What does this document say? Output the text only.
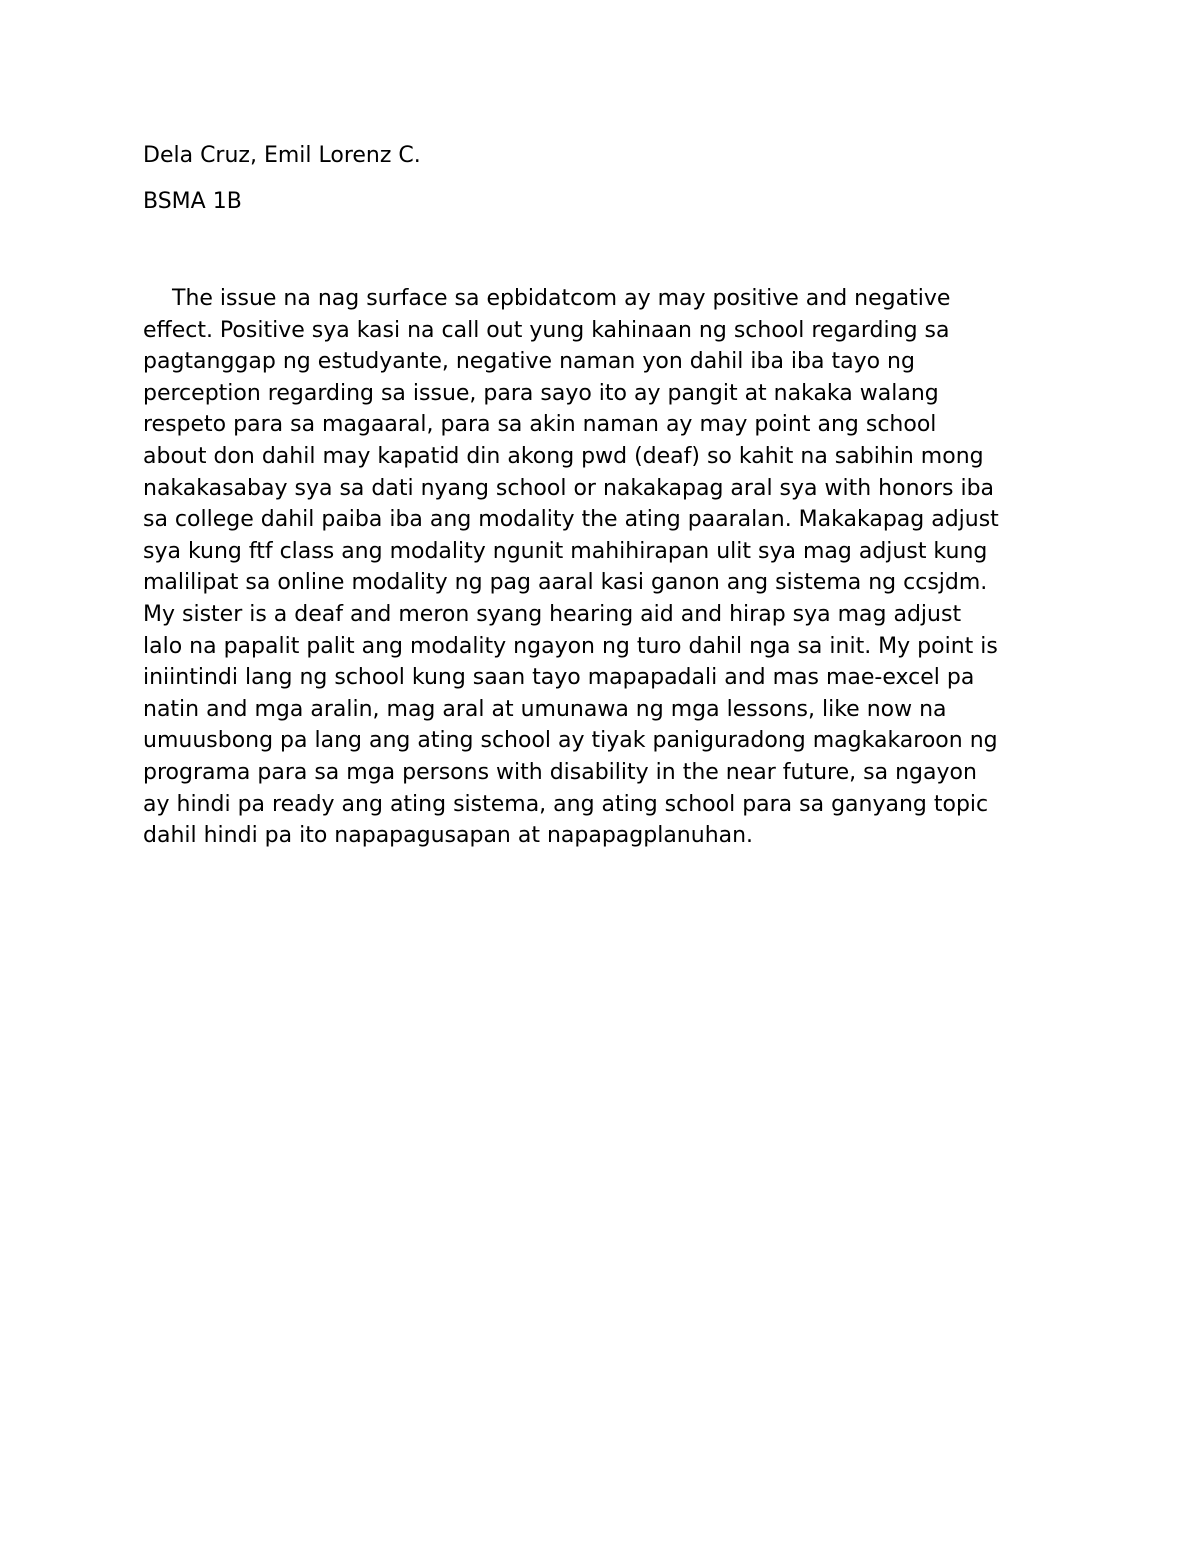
Dela Cruz, Emil Lorenz C.

BSMA 1B

The issue na nag surface sa epbidatcom ay may positive and negative
effect. Positive sya kasi na call out yung kahinaan ng school regarding sa
pagtanggap ng estudyante, negative naman yon dahil iba iba tayo ng
perception regarding sa issue, para sayo ito ay pangit at nakaka walang
respeto para sa magaaral, para sa akin naman ay may point ang school
about don dahil may kapatid din akong pwd (deaf) so kahit na sabihin mong
nakakasabay sya sa dati nyang school or nakakapag aral sya with honors iba
sa college dahil paiba iba ang modality the ating paaralan. Makakapag adjust
sya kung ftf class ang modality ngunit mahihirapan ulit sya mag adjust kung
malilipat sa online modality ng pag aaral kasi ganon ang sistema ng ccsjdm.
My sister is a deaf and meron syang hearing aid and hirap sya mag adjust
lalo na papalit palit ang modality ngayon ng turo dahil nga sa init. My point is
iniintindi lang ng school kung saan tayo mapapadali and mas mae-excel pa
natin and mga aralin, mag aral at umunawa ng mga lessons, like now na
umuusbong pa lang ang ating school ay tiyak paniguradong magkakaroon ng
programa para sa mga persons with disability in the near future, sa ngayon
ay hindi pa ready ang ating sistema, ang ating school para sa ganyang topic
dahil hindi pa ito napapagusapan at napapagplanuhan.
